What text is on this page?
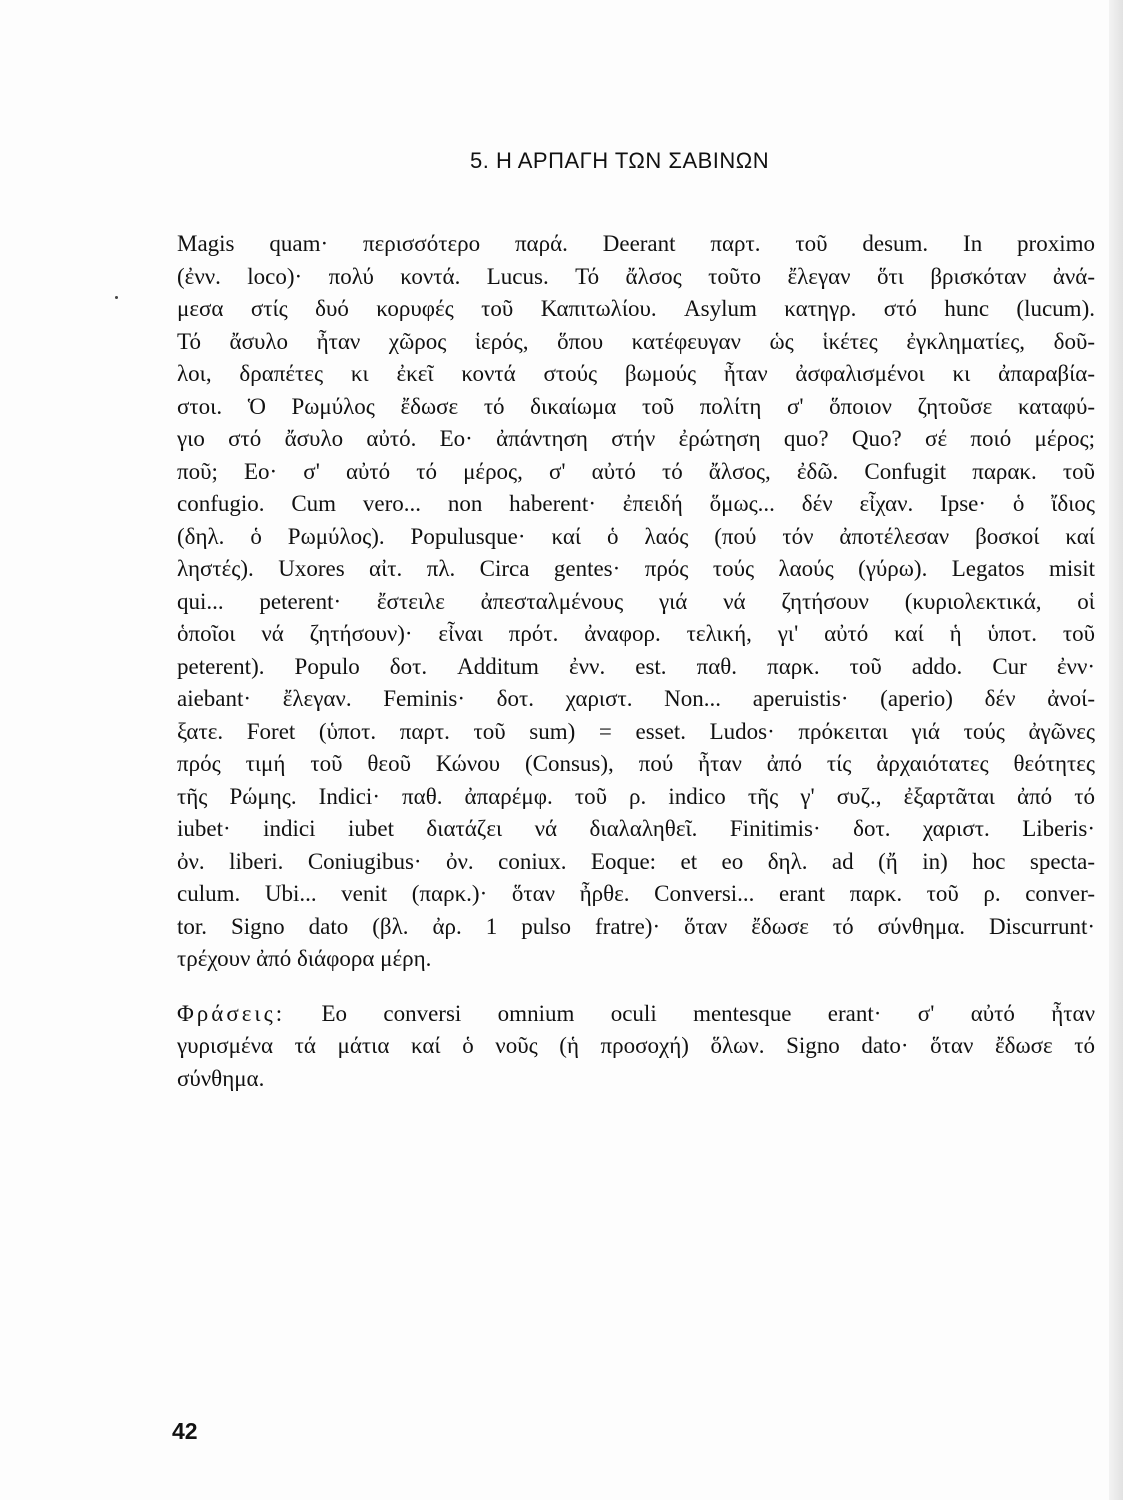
5. Η ΑΡΠΑΓΗ ΤΩΝ ΣΑΒΙΝΩΝ
Magis quam· περισσότερο παρά. Deerant παρτ. τοῦ desum. In proximo
(ἐνν. loco)· πολύ κοντά. Lucus. Τό ἄλσος τοῦτο ἔλεγαν ὅτι βρισκόταν ἀνά-
μεσα στίς δυό κορυφές τοῦ Καπιτωλίου. Asylum κατηγρ. στό hunc (lucum).
Τό ἄσυλο ἦταν χῶρος ἱερός, ὅπου κατέφευγαν ὡς ἱκέτες ἐγκληματίες, δοῦ-
λοι, δραπέτες κι ἐκεῖ κοντά στούς βωμούς ἦταν ἀσφαλισμένοι κι ἀπαραβία-
στοι. Ὁ Ρωμύλος ἔδωσε τό δικαίωμα τοῦ πολίτη σ' ὅποιον ζητοῦσε καταφύ-
γιο στό ἄσυλο αὐτό. Eo· ἀπάντηση στήν ἐρώτηση quo? Quo? σέ ποιό μέρος;
ποῦ; Eo· σ' αὐτό τό μέρος, σ' αὐτό τό ἄλσος, ἐδῶ. Confugit παρακ. τοῦ
confugio. Cum vero... non haberent· ἐπειδή ὅμως... δέν εἶχαν. Ipse· ὁ ἴδιος
(δηλ. ὁ Ρωμύλος). Populusque· καί ὁ λαός (πού τόν ἀποτέλεσαν βοσκοί καί
ληστές). Uxores αἰτ. πλ. Circa gentes· πρός τούς λαούς (γύρω). Legatos misit
qui... peterent· ἔστειλε ἀπεσταλμένους γιά νά ζητήσουν (κυριολεκτικά, οἱ
ὁποῖοι νά ζητήσουν)· εἶναι πρότ. ἀναφορ. τελική, γι' αὐτό καί ἡ ὑποτ. τοῦ
peterent). Populo δοτ. Additum ἐνν. est. παθ. παρκ. τοῦ addo. Cur ἐνν·
aiebant· ἔλεγαν. Feminis· δοτ. χαριστ. Non... aperuistis· (aperio) δέν ἀνοί-
ξατε. Foret (ὑποτ. παρτ. τοῦ sum) = esset. Ludos· πρόκειται γιά τούς ἀγῶνες
πρός τιμή τοῦ θεοῦ Κώνου (Consus), πού ἦταν ἀπό τίς ἀρχαιότατες θεότητες
τῆς Ρώμης. Indici· παθ. ἀπαρέμφ. τοῦ ρ. indico τῆς γ' συζ., ἐξαρτᾶται ἀπό τό
iubet· indici iubet διατάζει νά διαλαληθεῖ. Finitimis· δοτ. χαριστ. Liberis·
ὀν. liberi. Coniugibus· ὀν. coniux. Eoque: et eo δηλ. ad (ἤ in) hoc specta-
culum. Ubi... venit (παρκ.)· ὅταν ἦρθε. Conversi... erant παρκ. τοῦ ρ. conver-
tor. Signo dato (βλ. ἀρ. 1 pulso fratre)· ὅταν ἔδωσε τό σύνθημα. Discurrunt·
τρέχουν ἀπό διάφορα μέρη.
Φράσεις: Eo conversi omnium oculi mentesque erant· σ' αὐτό ἦταν
γυρισμένα τά μάτια καί ὁ νοῦς (ἡ προσοχή) ὅλων. Signo dato· ὅταν ἔδωσε τό
σύνθημα.
42
